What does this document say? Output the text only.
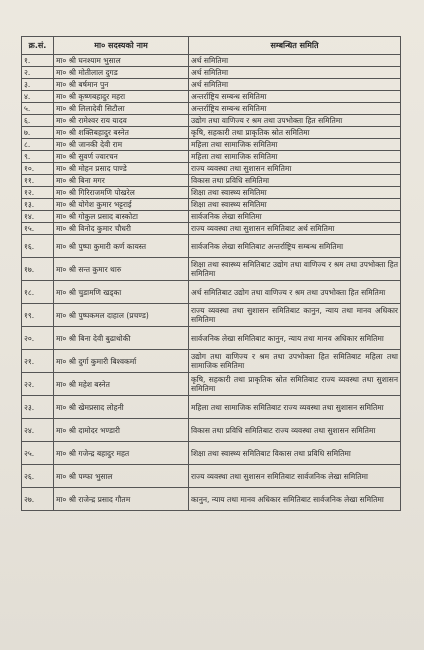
क्र.सं.	मा० सदस्यको नाम	सम्बन्धित समिति
१.	मा० श्री घनश्याम भुसाल	अर्थ समितिमा
२.	मा० श्री मोतीलाल दुगड	अर्थ समितिमा
३.	मा० श्री बर्षमान पुन	अर्थ समितिमा
४.	मा० श्री कृष्णबहादुर महरा	अन्तर्राष्ट्रिय सम्बन्ध समितिमा
५.	मा० श्री लिलादेवी सिटौला	अन्तर्राष्ट्रिय सम्बन्ध समितिमा
६.	मा० श्री रामेश्वर राय यादव	उद्योग तथा वाणिज्य र श्रम तथा उपभोक्ता हित समितिमा
७.	मा० श्री शक्तिबहादुर बस्नेत	कृषि, सहकारी तथा प्राकृतिक स्रोत समितिमा
८.	मा० श्री जानकी देवी राम	महिला तथा सामाजिक समितिमा
९.	मा० श्री सुवर्ण ज्वारचन	महिला तथा सामाजिक समितिमा
१०.	मा० श्री मोहन प्रसाद पाण्डे	राज्य व्यवस्था तथा सुशासन समितिमा
११.	मा० श्री बिना मगर	विकास तथा प्रविधि समितिमा
१२.	मा० श्री गिरिराजमणि पोखरेल	शिक्षा तथा स्वास्थ्य समितिमा
१३.	मा० श्री योगेश कुमार भट्टराई	शिक्षा तथा स्वास्थ्य समितिमा
१४.	मा० श्री गोकुल प्रसाद बास्कोटा	सार्वजनिक लेखा समितिमा
१५.	मा० श्री विनोद कुमार चौधरी	राज्य व्यवस्था तथा सुशासन समितिबाट अर्थ समितिमा
१६.	मा० श्री पुष्पा कुमारी कर्ण कायस्त	सार्वजनिक लेखा समितिबाट अन्तर्राष्ट्रिय सम्बन्ध समितिमा
१७.	मा० श्री सन्त कुमार थारु	शिक्षा तथा स्वास्थ्य समितिबाट उद्योग तथा वाणिज्य र श्रम तथा उपभोक्ता हित समितिमा
१८.	मा० श्री चुडामणि खड्का	अर्थ समितिबाट उद्योग तथा वाणिज्य र श्रम तथा उपभोक्ता हित समितिमा
१९.	मा० श्री पुष्पकमल दाहाल (प्रचण्ड)	राज्य व्यवस्था तथा सुशासन समितिबाट कानुन, न्याय तथा मानव अधिकार समितिमा
२०.	मा० श्री बिना देवी बुढाथोकी	सार्वजनिक लेखा समितिबाट कानुन, न्याय तथा मानव अधिकार समितिमा
२१.	मा० श्री दुर्गा कुमारी बिश्वकर्मा	उद्योग तथा वाणिज्य र श्रम तथा उपभोक्ता हित समितिबाट महिला तथा सामाजिक समितिमा
२२.	मा० श्री महेश बस्नेत	कृषि, सहकारी तथा प्राकृतिक स्रोत समितिबाट राज्य व्यवस्था तथा सुशासन समितिमा
२३.	मा० श्री खेमप्रसाद लोहनी	महिला तथा सामाजिक समितिबाट राज्य व्यवस्था तथा सुशासन समितिमा
२४.	मा० श्री दामोदर भण्डारी	विकास तथा प्रविधि समितिबाट राज्य व्यवस्था तथा सुशासन समितिमा
२५.	मा० श्री गजेन्द्र बहादुर महत	शिक्षा तथा स्वास्थ्य समितिबाट विकास तथा प्रविधि समितिमा
२६.	मा० श्री पम्फा भुसाल	राज्य व्यवस्था तथा सुशासन समितिबाट सार्वजनिक लेखा समितिमा
२७.	मा० श्री राजेन्द्र प्रसाद गौतम	कानुन, न्याय तथा मानव अधिकार समितिबाट सार्वजनिक लेखा समितिमा
